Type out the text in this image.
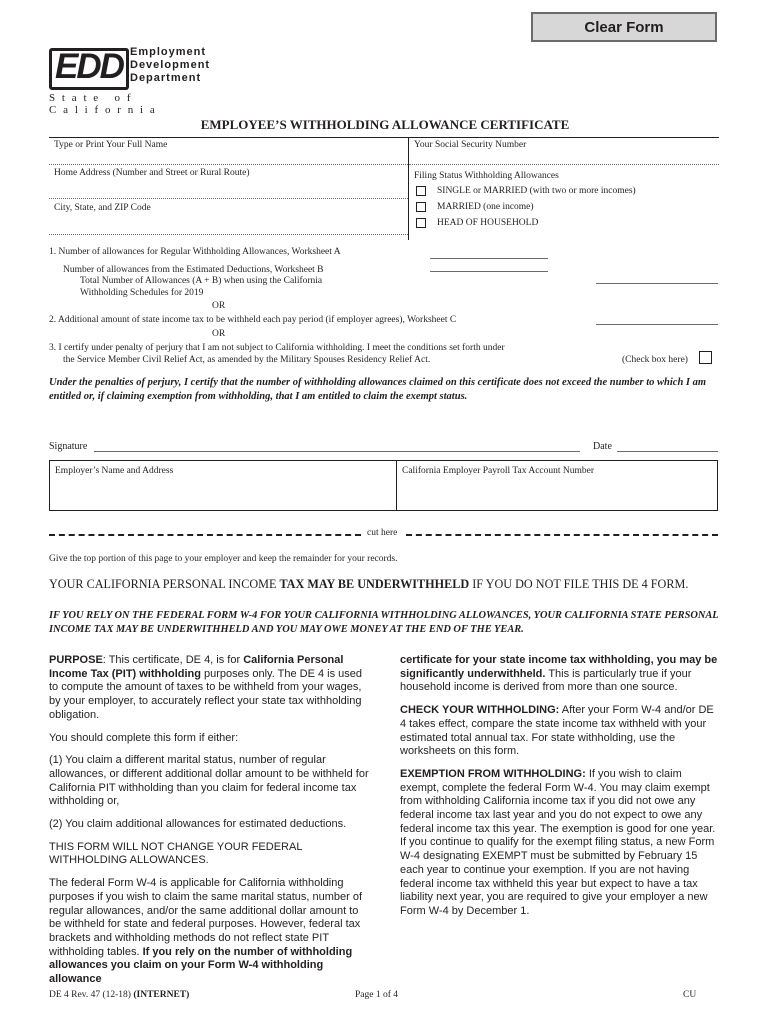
Clear Form
EDD Employment
Development
Department
State of California
EMPLOYEE’S WITHHOLDING ALLOWANCE CERTIFICATE
Type or Print Your Full Name	Your Social Security Number
Home Address (Number and Street or Rural Route)
City, State, and ZIP Code
Filing Status Withholding Allowances
SINGLE or MARRIED (with two or more incomes)
MARRIED (one income)
HEAD OF HOUSEHOLD
1. Number of allowances for Regular Withholding Allowances, Worksheet A
Number of allowances from the Estimated Deductions, Worksheet B
Total Number of Allowances (A + B) when using the California
Withholding Schedules for 2019
OR
2. Additional amount of state income tax to be withheld each pay period (if employer agrees), Worksheet C
OR
3. I certify under penalty of perjury that I am not subject to California withholding. I meet the conditions set forth under
the Service Member Civil Relief Act, as amended by the Military Spouses Residency Relief Act.	(Check box here)
Under the penalties of perjury, I certify that the number of withholding allowances claimed on this certificate does not exceed the number to which I am entitled or, if claiming exemption from withholding, that I am entitled to claim the exempt status.
Signature	Date
Employer’s Name and Address	California Employer Payroll Tax Account Number
cut here
Give the top portion of this page to your employer and keep the remainder for your records.
YOUR CALIFORNIA PERSONAL INCOME TAX MAY BE UNDERWITHHELD IF YOU DO NOT FILE THIS DE 4 FORM.
IF YOU RELY ON THE FEDERAL FORM W-4 FOR YOUR CALIFORNIA WITHHOLDING ALLOWANCES, YOUR CALIFORNIA STATE PERSONAL INCOME TAX MAY BE UNDERWITHHELD AND YOU MAY OWE MONEY AT THE END OF THE YEAR.

PURPOSE: This certificate, DE 4, is for California Personal Income Tax (PIT) withholding purposes only. The DE 4 is used to compute the amount of taxes to be withheld from your wages, by your employer, to accurately reflect your state tax withholding obligation.

You should complete this form if either:

(1) You claim a different marital status, number of regular allowances, or different additional dollar amount to be withheld for California PIT withholding than you claim for federal income tax withholding or,

(2) You claim additional allowances for estimated deductions.

THIS FORM WILL NOT CHANGE YOUR FEDERAL WITHHOLDING ALLOWANCES.

The federal Form W-4 is applicable for California withholding purposes if you wish to claim the same marital status, number of regular allowances, and/or the same additional dollar amount to be withheld for state and federal purposes. However, federal tax brackets and withholding methods do not reflect state PIT withholding tables. If you rely on the number of withholding allowances you claim on your Form W-4 withholding allowance

certificate for your state income tax withholding, you may be significantly underwithheld. This is particularly true if your household income is derived from more than one source.

CHECK YOUR WITHHOLDING: After your Form W-4 and/or DE 4 takes effect, compare the state income tax withheld with your estimated total annual tax. For state withholding, use the worksheets on this form.

EXEMPTION FROM WITHHOLDING: If you wish to claim exempt, complete the federal Form W-4. You may claim exempt from withholding California income tax if you did not owe any federal income tax last year and you do not expect to owe any federal income tax this year. The exemption is good for one year. If you continue to qualify for the exempt filing status, a new Form W-4 designating EXEMPT must be submitted by February 15 each year to continue your exemption. If you are not having federal income tax withheld this year but expect to have a tax liability next year, you are required to give your employer a new Form W-4 by December 1.

DE 4 Rev. 47 (12-18) (INTERNET)	Page 1 of 4	CU
